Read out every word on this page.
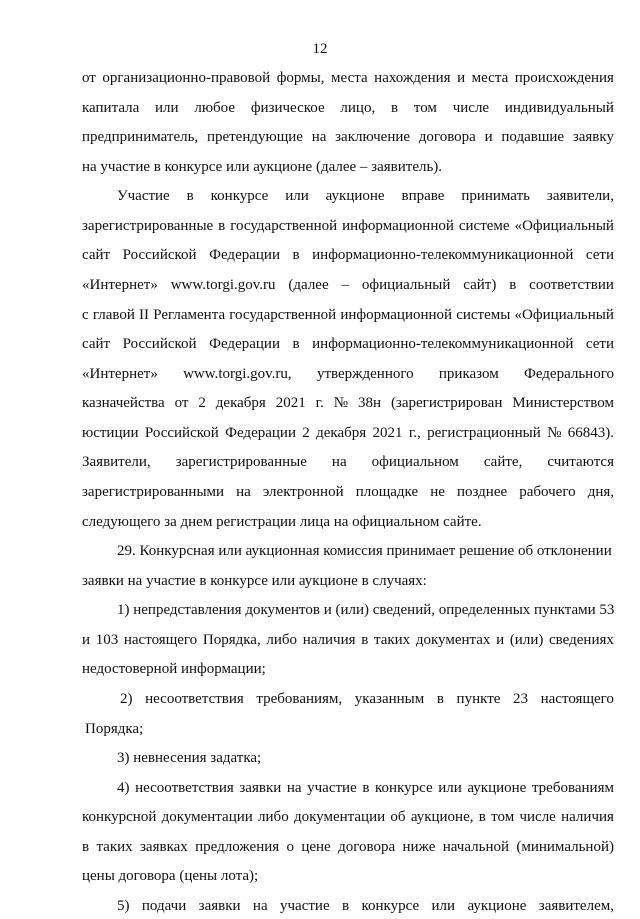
12
от организационно-правовой формы, места нахождения и места происхождения
капитала или любое физическое лицо, в том числе индивидуальный
предприниматель, претендующие на заключение договора и подавшие заявку
на участие в конкурсе или аукционе (далее – заявитель).
Участие в конкурсе или аукционе вправе принимать заявители,
зарегистрированные в государственной информационной системе «Официальный
сайт Российской Федерации в информационно-телекоммуникационной сети
«Интернет» www.torgi.gov.ru (далее – официальный сайт) в соответствии
с главой II Регламента государственной информационной системы «Официальный
сайт Российской Федерации в информационно-телекоммуникационной сети
«Интернет» www.torgi.gov.ru, утвержденного приказом Федерального
казначейства от 2 декабря 2021 г. № 38н (зарегистрирован Министерством
юстиции Российской Федерации 2 декабря 2021 г., регистрационный № 66843).
Заявители, зарегистрированные на официальном сайте, считаются
зарегистрированными на электронной площадке не позднее рабочего дня,
следующего за днем регистрации лица на официальном сайте.
29. Конкурсная или аукционная комиссия принимает решение об отклонении
заявки на участие в конкурсе или аукционе в случаях:
1) непредставления документов и (или) сведений, определенных пунктами 53
и 103 настоящего Порядка, либо наличия в таких документах и (или) сведениях
недостоверной информации;
2) несоответствия требованиям, указанным в пункте 23 настоящего
Порядка;
3) невнесения задатка;
4) несоответствия заявки на участие в конкурсе или аукционе требованиям
конкурсной документации либо документации об аукционе, в том числе наличия
в таких заявках предложения о цене договора ниже начальной (минимальной)
цены договора (цены лота);
5) подачи заявки на участие в конкурсе или аукционе заявителем,
